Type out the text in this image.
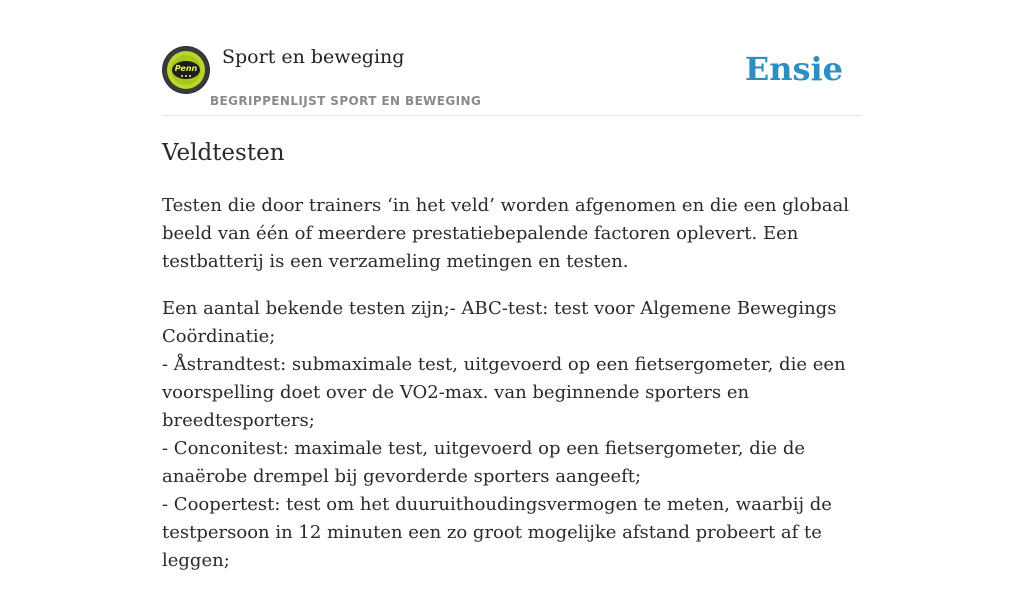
Penn
Sport en beweging
BEGRIPPENLIJST SPORT EN BEWEGING
Ensie
Veldtesten

Testen die door trainers ‘in het veld’ worden afgenomen en die een globaal beeld van één of meerdere prestatiebepalende factoren oplevert. Een testbatterij is een verzameling metingen en testen.

Een aantal bekende testen zijn;- ABC-test: test voor Algemene Bewegings Coördinatie;
- Åstrandtest: submaximale test, uitgevoerd op een fietsergometer, die een voorspelling doet over de VO2-max. van beginnende sporters en breedtesporters;
- Conconitest: maximale test, uitgevoerd op een fietsergometer, die de anaërobe drempel bij gevorderde sporters aangeeft;
- Coopertest: test om het duuruithoudingsvermogen te meten, waarbij de testpersoon in 12 minuten een zo groot mogelijke afstand probeert af te leggen;
